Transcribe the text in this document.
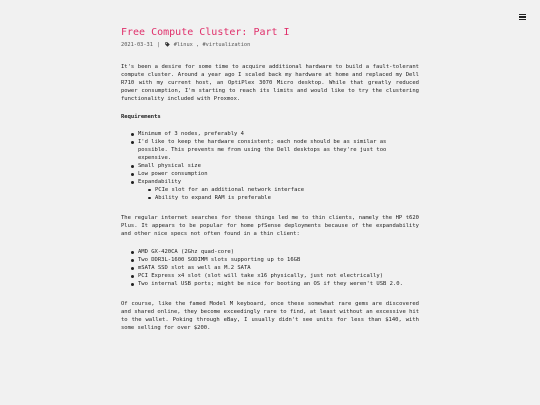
Free Compute Cluster: Part I
2021-03-31 |	#linux , #virtualization

It's been a desire for some time to acquire additional hardware to build a fault-tolerant compute cluster. Around a year ago I scaled back my hardware at home and replaced my Dell R710 with my current host, an OptiPlex 3070 Micro desktop. While that greatly reduced power consumption, I'm starting to reach its limits and would like to try the clustering functionality included with Proxmox.

Requirements

Minimum of 3 nodes, preferably 4
I'd like to keep the hardware consistent; each node should be as similar as possible. This prevents me from using the Dell desktops as they're just too expensive.
Small physical size
Low power consumption
Expandability
PCIe slot for an additional network interface
Ability to expand RAM is preferable

The regular internet searches for these things led me to thin clients, namely the HP t620 Plus. It appears to be popular for home pfSense deployments because of the expandability and other nice specs not often found in a thin client:

AMD GX-420CA (2Ghz quad-core)
Two DDR3L-1600 SODIMM slots supporting up to 16GB
mSATA SSD slot as well as M.2 SATA
PCI Express x4 slot (slot will take x16 physically, just not electrically)
Two internal USB ports; might be nice for booting an OS if they weren't USB 2.0.

Of course, like the famed Model M keyboard, once these somewhat rare gems are discovered and shared online, they become exceedingly rare to find, at least without an excessive hit to the wallet. Poking through eBay, I usually didn't see units for less than $140, with some selling for over $200.
